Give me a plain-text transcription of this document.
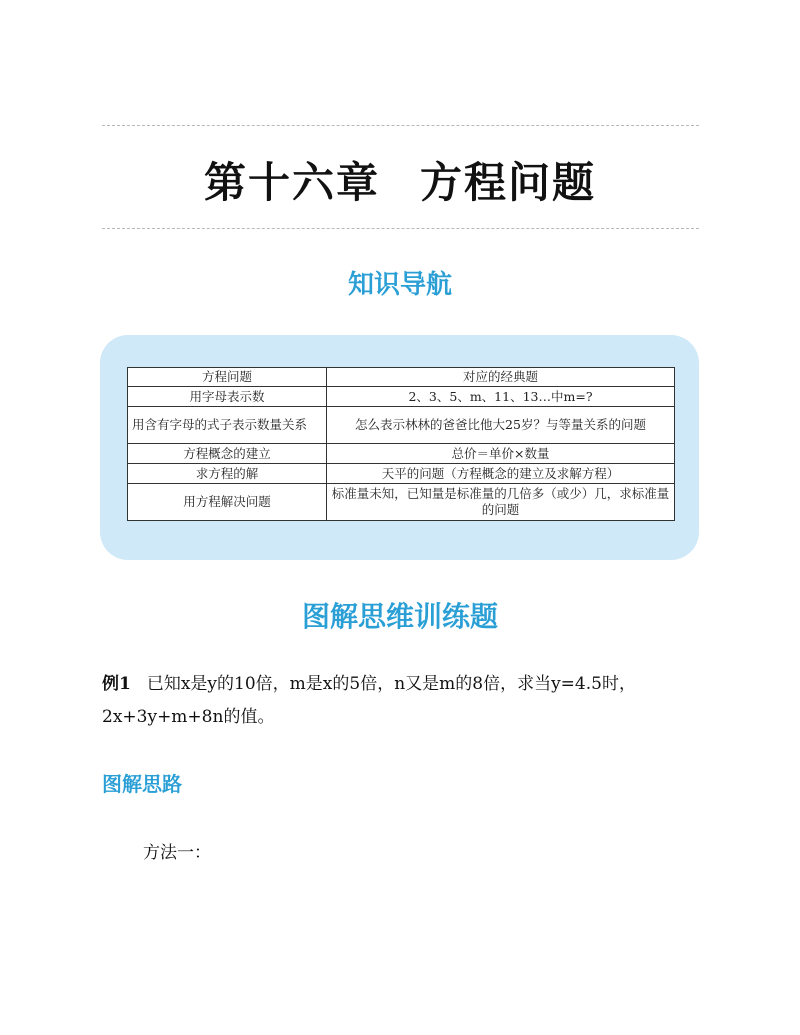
第十六章 方程问题
知识导航
方程问题	对应的经典题
用字母表示数	2、3、5、m、11、13…中m=?
用含有字母的式子表示数量关系	怎么表示林林的爸爸比他大25岁？与等量关系的问题
方程概念的建立	总价＝单价×数量
求方程的解	天平的问题（方程概念的建立及求解方程）
用方程解决问题	标准量未知，已知量是标准量的几倍多（或少）几，求标准量的问题
图解思维训练题
例1 已知x是y的10倍，m是x的5倍，n又是m的8倍，求当y=4.5时，
2x+3y+m+8n的值。
图解思路
方法一：
